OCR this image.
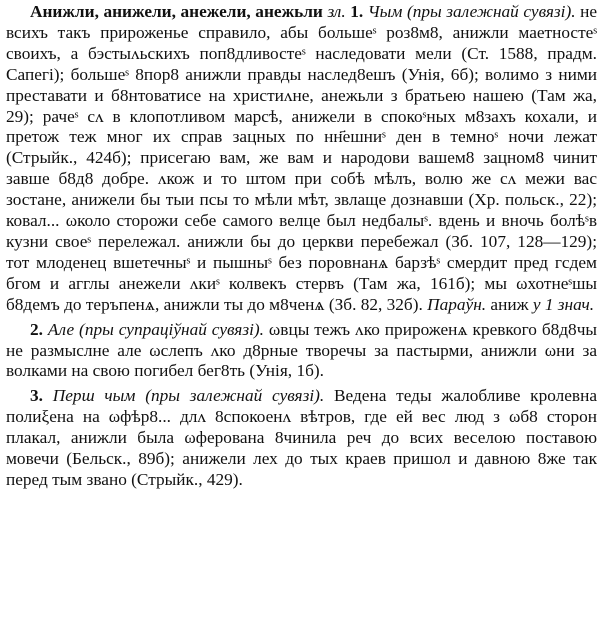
Анижли, анижели, анежели, анежьли зл. 1. Чым (пры залежнай сувязі). не всихъ такъ прироженье справило, абы большеˢ роз8м8, анижли маетностеˢ своихъ, а бэстыᴧьскихъ поп8дливостеˢ наследовати мели (Ст. 1588, прадм. Сапегі); большеˢ 8пор8 анижли правды наслед8ешъ (Унія, 6б); волимо з ними преставати и б8нтоватисе на христиᴧне, анежьли з братьею нашею (Там жа, 29); рачеˢ сᴧ в клопотливом марсѣ, анижели в спокоˢных м8захъ кохали, и претож теж мног их справ зацных по нн҃ешниˢ ден в темноˢ ночи лежат (Стрыйк., 424б); присегаю вам, же вам и народови вашем8 зацном8 чинит завше б8д8 добре. ᴧкож и то штом при собѣ мѣлъ, волю же сᴧ межи вас зостане, анижели бы тыи псы то мѣли мѣт, звлаще дознавши (Хр. польск., 22); ковал... ωколо сторожи себе самого велце был недбалыˢ. вдень и вночь болѣˢв кузни своеˢ перележал. анижли бы до церкви перебежал (Зб. 107, 128—129); тот млоденец вшетечныˢ и пышныˢ без поровнанѧ барзѣˢ смердит пред гсдем бгом и агглы анежели ᴧкиˢ колвекъ стервъ (Там жа, 161б); мы ωхотнеˢшы б8демъ до теръпенѧ, анижли ты до м8ченѧ (Зб. 82, 32б). Параўн. аниж у 1 знач.

2. Але (пры супраціўнай сувязі). ωвцы тежъ ᴧко прироженѧ кревкого б8д8чы не размыслне але ωслепъ ᴧко д8рные творечы за пастырми, анижли ωни за волками на свою погибел бег8ть (Унія, 1б).

3. Перш чым (пры залежнай сувязі). Ведена теды жалобливе кролевна полиξена на ωфѣр8... длᴧ 8спокоенᴧ вѣтров, где ей вес люд з ωб8 сторон плакал, анижли была ωферована 8чинила реч до всих веселою поставою мовечи (Бельск., 89б); анижели лех до тых краев пришол и давною 8же так перед тым звано (Стрыйк., 429).
